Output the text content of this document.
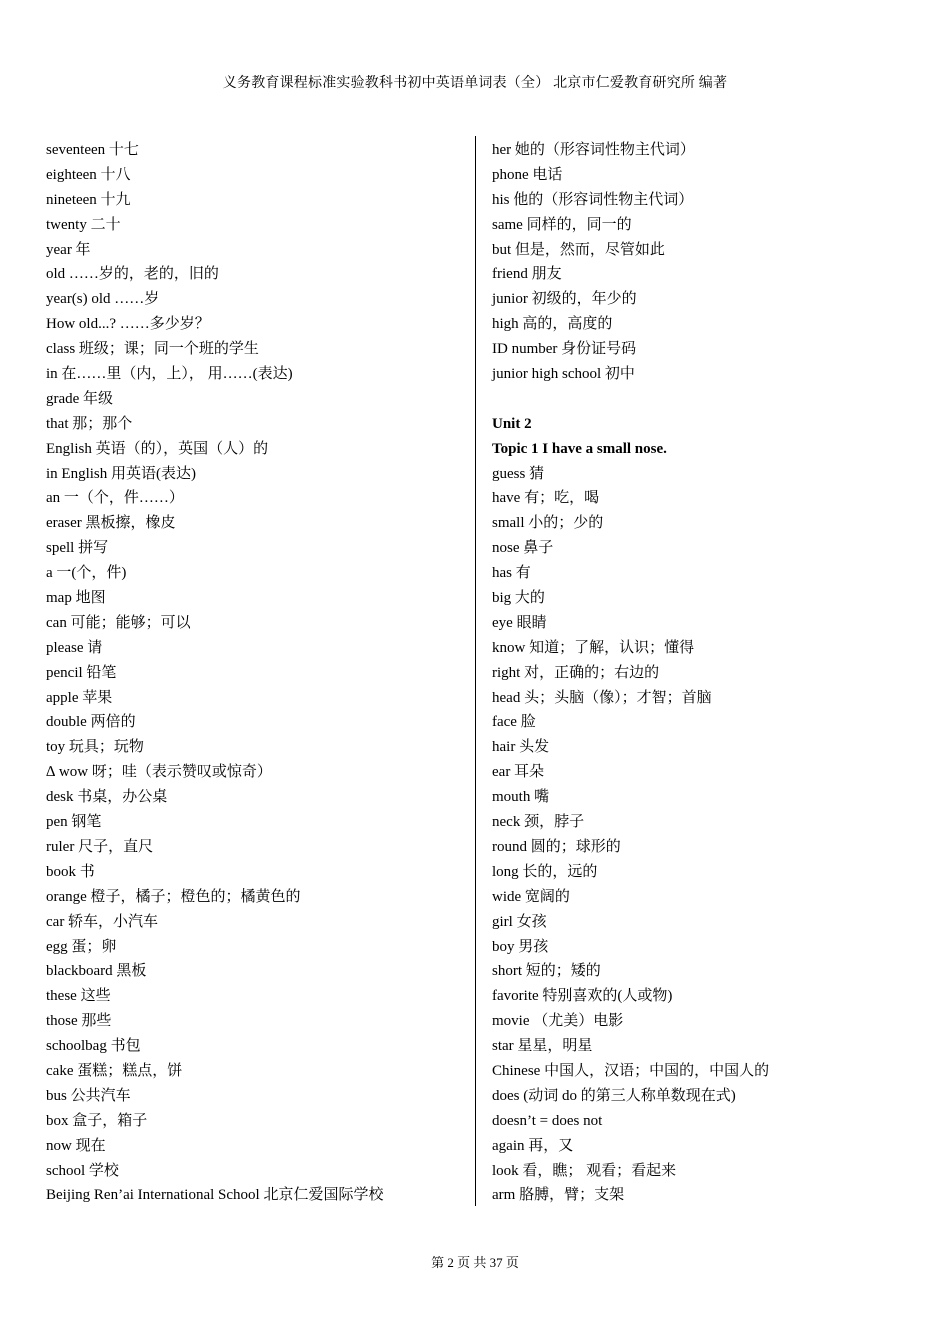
义务教育课程标准实验教科书初中英语单词表（全） 北京市仁爱教育研究所 编著
seventeen 十七
eighteen 十八
nineteen 十九
twenty 二十
year 年
old ……岁的，老的，旧的
year(s) old ……岁
How old...? ……多少岁？
class 班级；课；同一个班的学生
in 在……里（内，上）， 用……(表达)
grade 年级
that 那；那个
English 英语（的），英国（人）的
in English 用英语(表达)
an 一（个，件……）
eraser 黑板擦，橡皮
spell 拼写
a 一(个，件)
map 地图
can 可能；能够；可以
please 请
pencil 铅笔
apple 苹果
double 两倍的
toy 玩具；玩物
∆ wow 呀；哇（表示赞叹或惊奇）
desk 书桌，办公桌
pen 钢笔
ruler 尺子，直尺
book 书
orange 橙子，橘子；橙色的；橘黄色的
car 轿车，小汽车
egg 蛋；卵
blackboard 黑板
these 这些
those 那些
schoolbag 书包
cake 蛋糕；糕点，饼
bus 公共汽车
box 盒子，箱子
now 现在
school 学校
Beijing Ren’ai International School 北京仁爱国际学校
her 她的（形容词性物主代词）
phone 电话
his 他的（形容词性物主代词）
same 同样的，同一的
but 但是，然而，尽管如此
friend 朋友
junior 初级的，年少的
high 高的，高度的
ID number 身份证号码
junior high school 初中
Unit 2
Topic 1 I have a small nose.
guess 猜
have 有；吃，喝
small 小的；少的
nose 鼻子
has 有
big 大的
eye 眼睛
know 知道；了解，认识；懂得
right 对，正确的；右边的
head 头；头脑（像）；才智；首脑
face 脸
hair 头发
ear 耳朵
mouth 嘴
neck 颈，脖子
round 圆的；球形的
long 长的，远的
wide 宽阔的
girl 女孩
boy 男孩
short 短的；矮的
favorite 特别喜欢的(人或物)
movie （尤美）电影
star 星星，明星
Chinese 中国人，汉语；中国的，中国人的
does (动词 do 的第三人称单数现在式)
doesn’t = does not
again 再，又
look 看，瞧； 观看；看起来
arm 胳膊，臂；支架
第 2 页 共 37 页
